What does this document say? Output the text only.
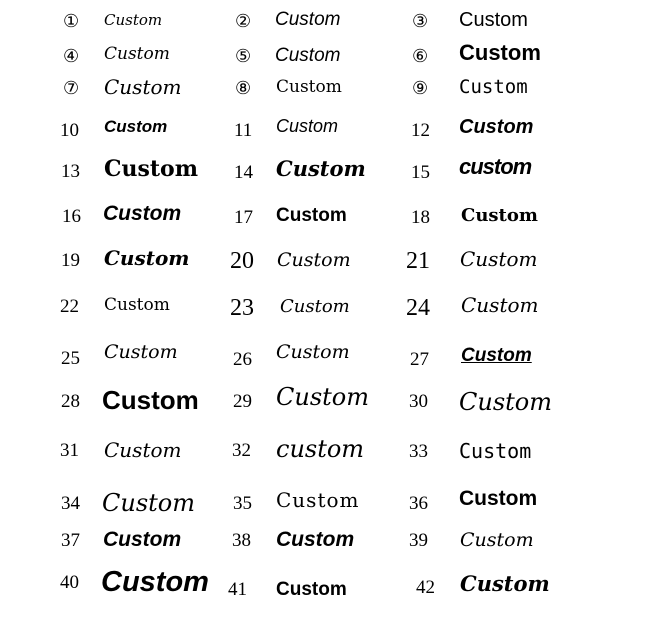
① Custom
④ Custom
⑦ Custom
10 Custom
13 Custom
16 Custom
19 Custom
22 Custom
25 Custom
28 Custom
31 Custom
34 Custom
37 Custom
40 Custom
② Custom
⑤ Custom
⑧ Custom
11 Custom
14 Custom
17 Custom
20 Custom
23 Custom
26 Custom
29 Custom
32 custom
35 Custom
38 Custom
41 Custom
③ Custom
⑥ Custom
⑨ Custom
12 Custom
15 custom
18 Custom
21 Custom
24 Custom
27 Custom
30 Custom
33 Custom
36 Custom
39 Custom
42 Custom
